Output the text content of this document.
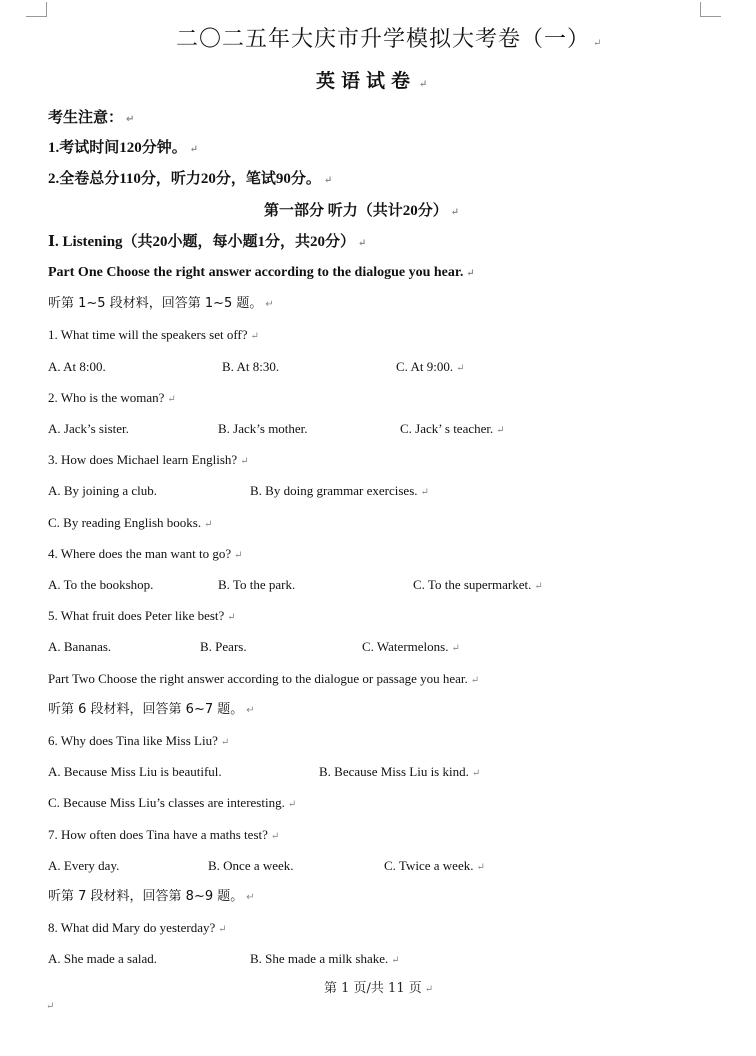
二〇二五年大庆市升学模拟大考卷（一） ↵
英语试卷 ↵
考生注意： ↵
1.考试时间120分钟。 ↵
2.全卷总分110分，听力20分，笔试90分。 ↵
第一部分 听力（共计20分） ↵
Ⅰ. Listening（共20小题，每小题1分，共20分） ↵
Part One Choose the right answer according to the dialogue you hear. ↵
听第 1~5 段材料，回答第 1~5 题。 ↵
1. What time will the speakers set off? ↵
A. At 8:00.	B. At 8:30.	C. At 9:00. ↵
2. Who is the woman? ↵
A. Jack’s sister.	B. Jack’s mother.	C. Jack’ s teacher. ↵
3. How does Michael learn English? ↵
A. By joining a club.	B. By doing grammar exercises. ↵
C. By reading English books. ↵
4. Where does the man want to go? ↵
A. To the bookshop.	B. To the park.	C. To the supermarket. ↵
5. What fruit does Peter like best? ↵
A. Bananas.	B. Pears.	C. Watermelons. ↵
Part Two Choose the right answer according to the dialogue or passage you hear. ↵
听第 6 段材料，回答第 6~7 题。 ↵
6. Why does Tina like Miss Liu? ↵
A. Because Miss Liu is beautiful.	B. Because Miss Liu is kind. ↵
C. Because Miss Liu’s classes are interesting. ↵
7. How often does Tina have a maths test? ↵
A. Every day.	B. Once a week.	C. Twice a week. ↵
听第 7 段材料，回答第 8~9 题。 ↵
8. What did Mary do yesterday? ↵
A. She made a salad.	B. She made a milk shake. ↵
第 1 页/共 11 页 ↵
↵
